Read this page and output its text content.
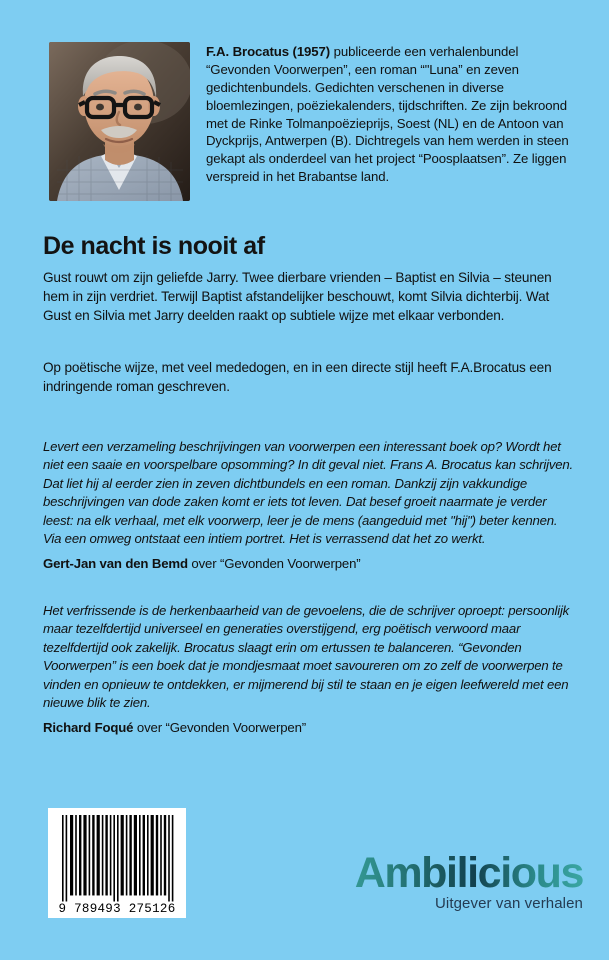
F.A. Brocatus (1957) publiceerde een verhalenbundel “Gevonden Voorwerpen”, een roman “"Luna” en zeven gedichtenbundels. Gedichten verschenen in diverse bloemlezingen, poëziekalenders, tijdschriften. Ze zijn bekroond met de Rinke Tolmanpoëzieprijs, Soest (NL) en de Antoon van Dyckprijs, Antwerpen (B). Dichtregels van hem werden in steen gekapt als onderdeel van het project “Poosplaatsen”. Ze liggen verspreid in het Brabantse land.
De nacht is nooit af

Gust rouwt om zijn geliefde Jarry. Twee dierbare vrienden – Baptist en Silvia – steunen hem in zijn verdriet. Terwijl Baptist afstandelijker beschouwt, komt Silvia dichterbij. Wat Gust en Silvia met Jarry deelden raakt op subtiele wijze met elkaar verbonden.

Op poëtische wijze, met veel mededogen, en in een directe stijl heeft F.A.Brocatus een indringende roman geschreven.

Levert een verzameling beschrijvingen van voorwerpen een interessant boek op? Wordt het niet een saaie en voorspelbare opsomming? In dit geval niet. Frans A. Brocatus kan schrijven. Dat liet hij al eerder zien in zeven dichtbundels en een roman. Dankzij zijn vakkundige beschrijvingen van dode zaken komt er iets tot leven. Dat besef groeit naarmate je verder leest: na elk verhaal, met elk voorwerp, leer je de mens (aangeduid met "hij") beter kennen. Via een omweg ontstaat een intiem portret. Het is verrassend dat het zo werkt.

Gert-Jan van den Bemd over “Gevonden Voorwerpen”

Het verfrissende is de herkenbaarheid van de gevoelens, die de schrijver oproept: persoonlijk maar tezelfdertijd universeel en generaties overstijgend, erg poëtisch verwoord maar tezelfdertijd ook zakelijk. Brocatus slaagt erin om ertussen te balanceren. “Gevonden Voorwerpen” is een boek dat je mondjesmaat moet savoureren om zo zelf de voorwerpen te vinden en opnieuw te ontdekken, er mijmerend bij stil te staan en je eigen leefwereld met een nieuwe blik te zien.

Richard Foqué over “Gevonden Voorwerpen”

9 789493 275126
Ambilicious
Uitgever van verhalen
